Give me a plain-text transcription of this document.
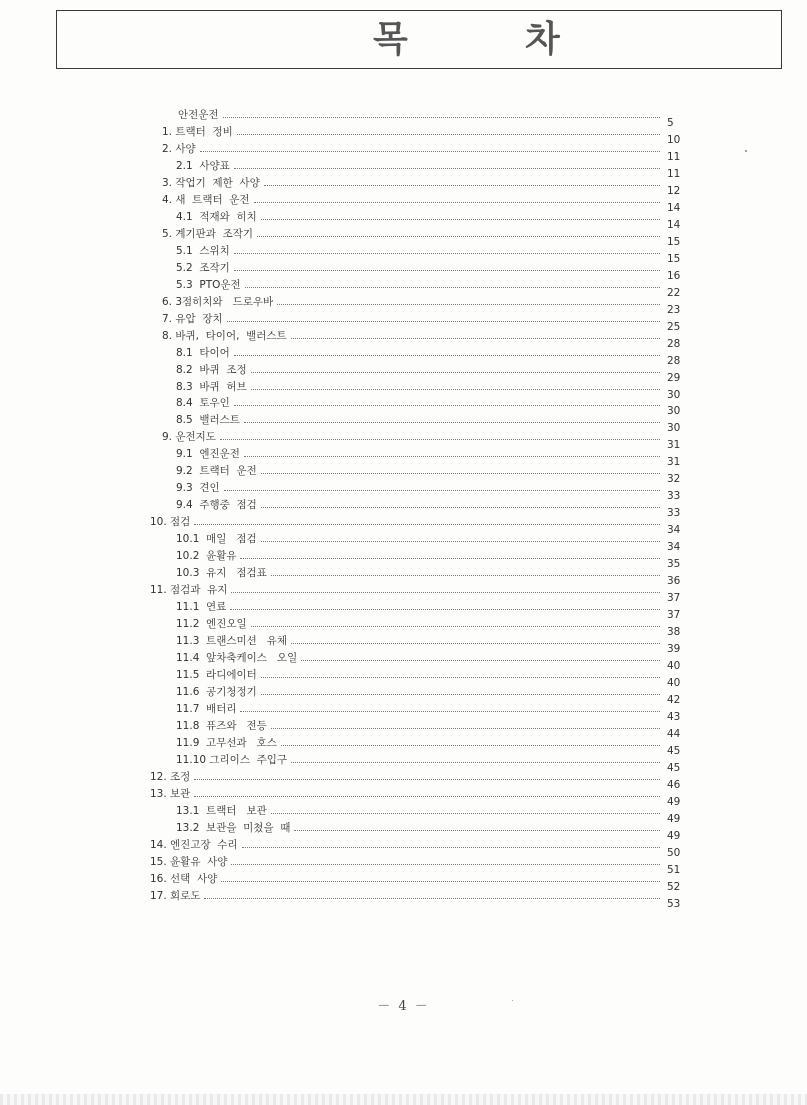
목	차
안전운전
5
1. 트랙터  정비
10
2. 사양
11
2.1  사양표
11
3. 작업기  제한  사양
12
4. 새  트랙터  운전
14
4.1  적재와  히치
14
5. 계기판과  조작기
15
5.1  스위치
15
5.2  조작기
16
5.3  PTO운전
22
6. 3점히치와   드로우바
23
7. 유압  장치
25
8. 바퀴,  타이어,  밸러스트
28
8.1  타이어
28
8.2  바퀴  조정
29
8.3  바퀴  허브
30
8.4  토우인
30
8.5  밸러스트
30
9. 운전지도
31
9.1  엔진운전
31
9.2  트랙터  운전
32
9.3  견인
33
9.4  주행중  점검
33
10. 점검
34
10.1  매일   점검
34
10.2  윤활유
35
10.3  유지   점검표
36
11. 점검과  유지
37
11.1  연료
37
11.2  엔진오일
38
11.3  트랜스미션   유체
39
11.4  앞차축케이스   오일
40
11.5  라디에이터
40
11.6  공기청정기
42
11.7  배터리
43
11.8  퓨즈와   전등
44
11.9  고무선과   호스
45
11.10 그리이스  주입구
45
12. 조정
46
13. 보관
49
13.1  트랙터   보관
49
13.2  보관을  미쳤을  때
49
14. 엔진고장  수리
50
15. 윤활유  사양
51
16. 선택  사양
52
17. 회로도
53
－ 4 －
